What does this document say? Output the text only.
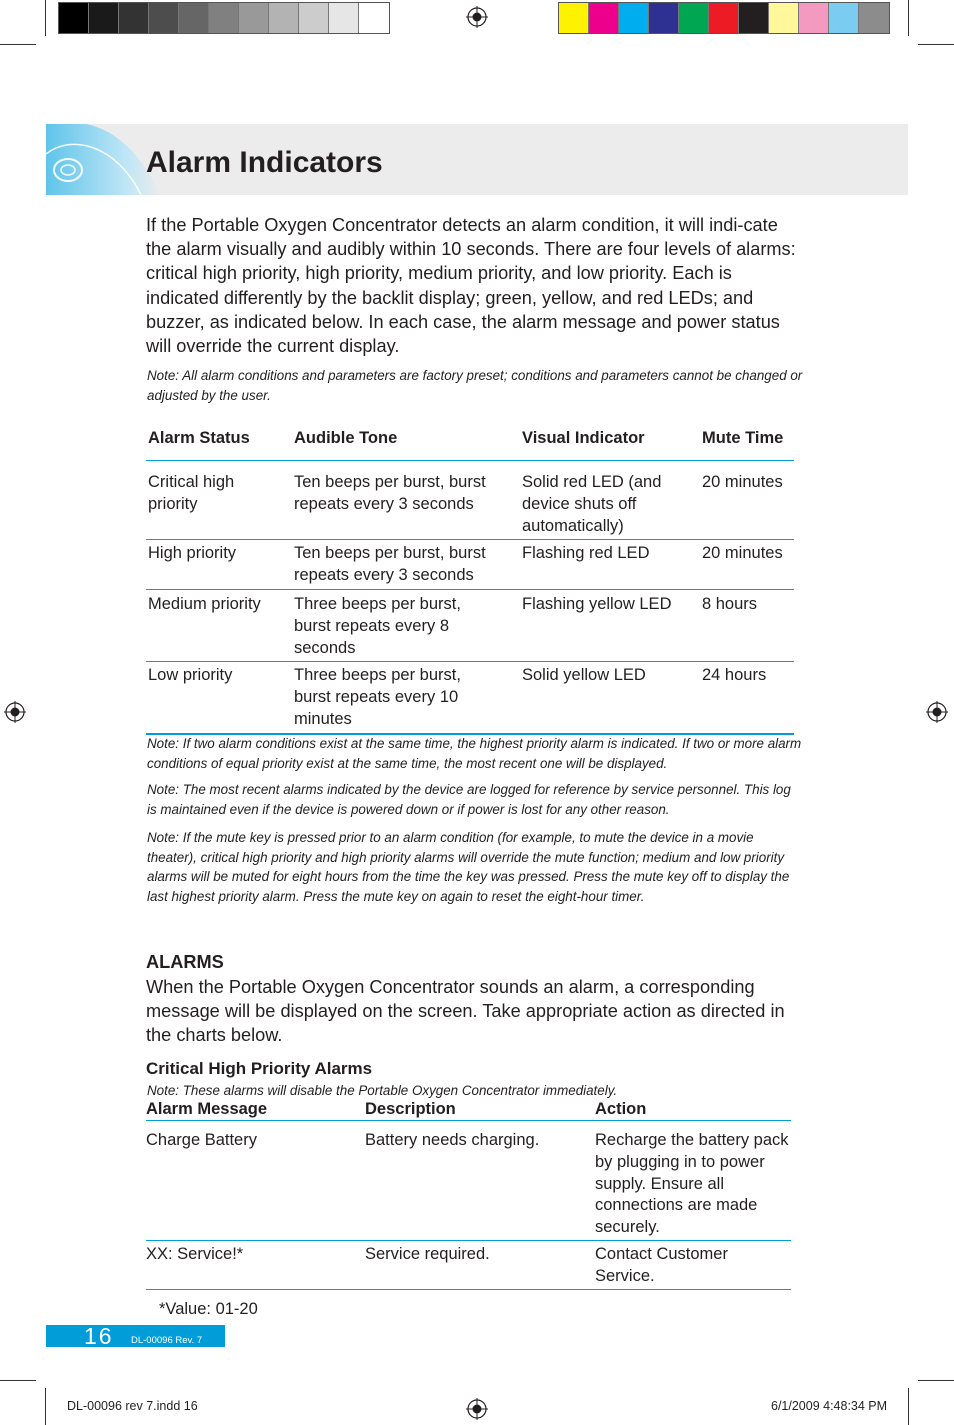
Alarm Indicators

If the Portable Oxygen Concentrator detects an alarm condition, it will indi-cate the alarm visually and audibly within 10 seconds. There are four levels of alarms: critical high priority, high priority, medium priority, and low priority. Each is indicated differently by the backlit display; green, yellow, and red LEDs; and buzzer, as indicated below. In each case, the alarm message and power status will override the current display.

Note: All alarm conditions and parameters are factory preset; conditions and parameters cannot be changed or adjusted by the user.

Alarm Status	Audible Tone	Visual Indicator	Mute Time
Critical high priority	Ten beeps per burst, burst repeats every 3 seconds	Solid red LED (and device shuts off automatically)	20 minutes
High priority	Ten beeps per burst, burst repeats every 3 seconds	Flashing red LED	20 minutes
Medium priority	Three beeps per burst, burst repeats every 8 seconds	Flashing yellow LED	8 hours
Low priority	Three beeps per burst, burst repeats every 10 minutes	Solid yellow LED	24 hours

Note: If two alarm conditions exist at the same time, the highest priority alarm is indicated. If two or more alarm conditions of equal priority exist at the same time, the most recent one will be displayed.

Note: The most recent alarms indicated by the device are logged for reference by service personnel. This log is maintained even if the device is powered down or if power is lost for any other reason.

Note: If the mute key is pressed prior to an alarm condition (for example, to mute the device in a movie theater), critical high priority and high priority alarms will override the mute function; medium and low priority alarms will be muted for eight hours from the time the key was pressed. Press the mute key off to display the last highest priority alarm. Press the mute key on again to reset the eight-hour timer.

ALARMS

When the Portable Oxygen Concentrator sounds an alarm, a corresponding message will be displayed on the screen. Take appropriate action as directed in the charts below.

Critical High Priority Alarms

Note: These alarms will disable the Portable Oxygen Concentrator immediately.

Alarm Message	Description	Action
Charge Battery	Battery needs charging.	Recharge the battery pack by plugging in to power supply. Ensure all connections are made securely.
XX: Service!*	Service required.	Contact Customer Service.
*Value: 01-20
16 DL-00096 Rev. 7
DL-00096 rev 7.indd 16	6/1/2009 4:48:34 PM
